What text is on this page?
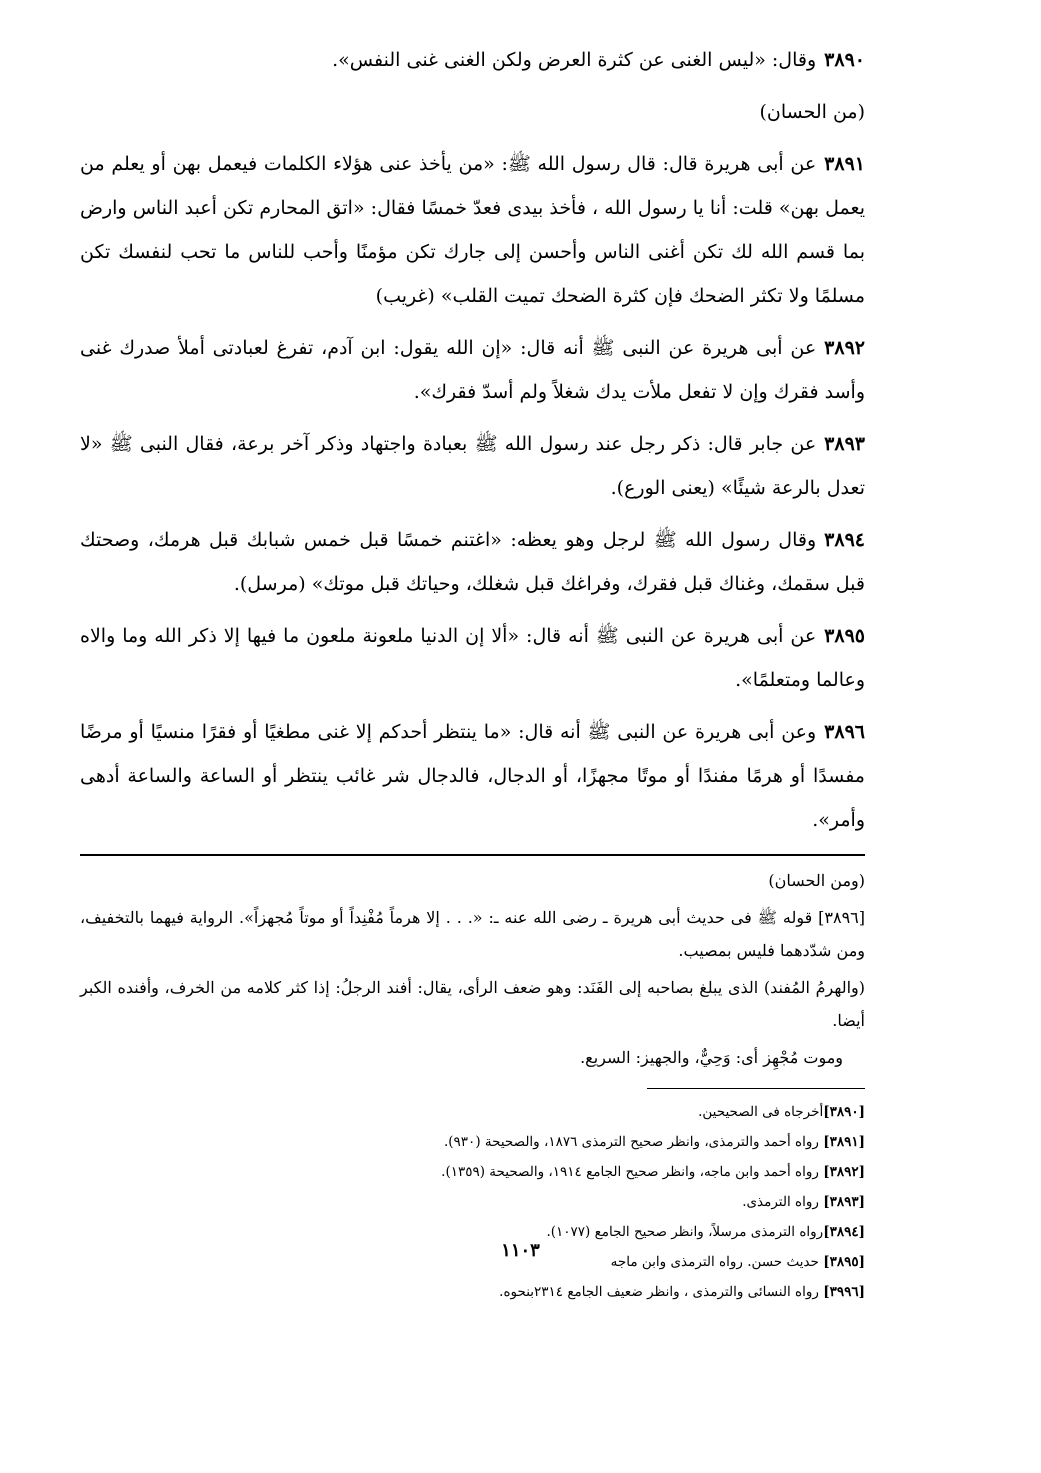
٣٨٩٠وقال: «ليس الغنى عن كثرة العرض ولكن الغنى غنى النفس».

(من الحسان)

٣٨٩١عن أبى هريرة قال: قال رسول الله ﷺ: «من يأخذ عنى هؤلاء الكلمات فيعمل بهن أو يعلم من يعمل بهن» قلت: أنا يا رسول الله ، فأخذ بيدى فعدّ خمسًا فقال: «اتق المحارم تكن أعبد الناس وارض بما قسم الله لك تكن أغنى الناس وأحسن إلى جارك تكن مؤمنًا وأحب للناس ما تحب لنفسك تكن مسلمًا ولا تكثر الضحك فإن كثرة الضحك تميت القلب» (غريب)

٣٨٩٢عن أبى هريرة عن النبى ﷺ أنه قال: «إن الله يقول: ابن آدم، تفرغ لعبادتى أملأ صدرك غنى وأسد فقرك وإن لا تفعل ملأت يدك شغلاً ولم أسدّ فقرك».

٣٨٩٣عن جابر قال: ذكر رجل عند رسول الله ﷺ بعبادة واجتهاد وذكر آخر برعة، فقال النبى ﷺ «لا تعدل بالرعة شيئًا» (يعنى الورع).

٣٨٩٤وقال رسول الله ﷺ لرجل وهو يعظه: «اغتنم خمسًا قبل خمس شبابك قبل هرمك، وصحتك قبل سقمك، وغناك قبل فقرك، وفراغك قبل شغلك، وحياتك قبل موتك» (مرسل).

٣٨٩٥عن أبى هريرة عن النبى ﷺ أنه قال: «ألا إن الدنيا ملعونة ملعون ما فيها إلا ذكر الله وما والاه وعالما ومتعلمًا».

٣٨٩٦وعن أبى هريرة عن النبى ﷺ أنه قال: «ما ينتظر أحدكم إلا غنى مطغيًا أو فقرًا منسيًا أو مرضًا مفسدًا أو هرمًا مفندًا أو موتًا مجهزًا، أو الدجال، فالدجال شر غائب ينتظر أو الساعة والساعة أدهى وأمر».

(ومن الحسان)

[٣٨٩٦] قوله ﷺ فى حديث أبى هريرة ـ رضى الله عنه ـ: «. . . إلا هرماً مُفْنِداً أو موتاً مُجهزاً». الرواية فيهما بالتخفيف، ومن شدّدهما فليس بمصيب.

(والهرمُ المُفند) الذى يبلغ بصاحبه إلى الفَنَد: وهو ضعف الرأى، يقال: أفند الرجلُ: إذا كثر كلامه من الخرف، وأفنده الكبر أيضا.

وموت مُجْهِز أى: وَحِيٌّ، والجهيز: السريع.

[٣٨٩٠]أخرجاه فى الصحيحين.

[٣٨٩١] رواه أحمد والترمذى، وانظر صحيح الترمذى ١٨٧٦، والصحيحة (٩٣٠).

[٣٨٩٢] رواه أحمد وابن ماجه، وانظر صحيح الجامع ١٩١٤، والصحيحة (١٣٥٩).

[٣٨٩٣] رواه الترمذى.

[٣٨٩٤]رواه الترمذى مرسلاً، وانظر صحيح الجامع (١٠٧٧).

[٣٨٩٥] حديث حسن. رواه الترمذى وابن ماجه

[٣٩٩٦] رواه النسائى والترمذى ، وانظر ضعيف الجامع ٢٣١٤بنحوه.

١١٠٣
